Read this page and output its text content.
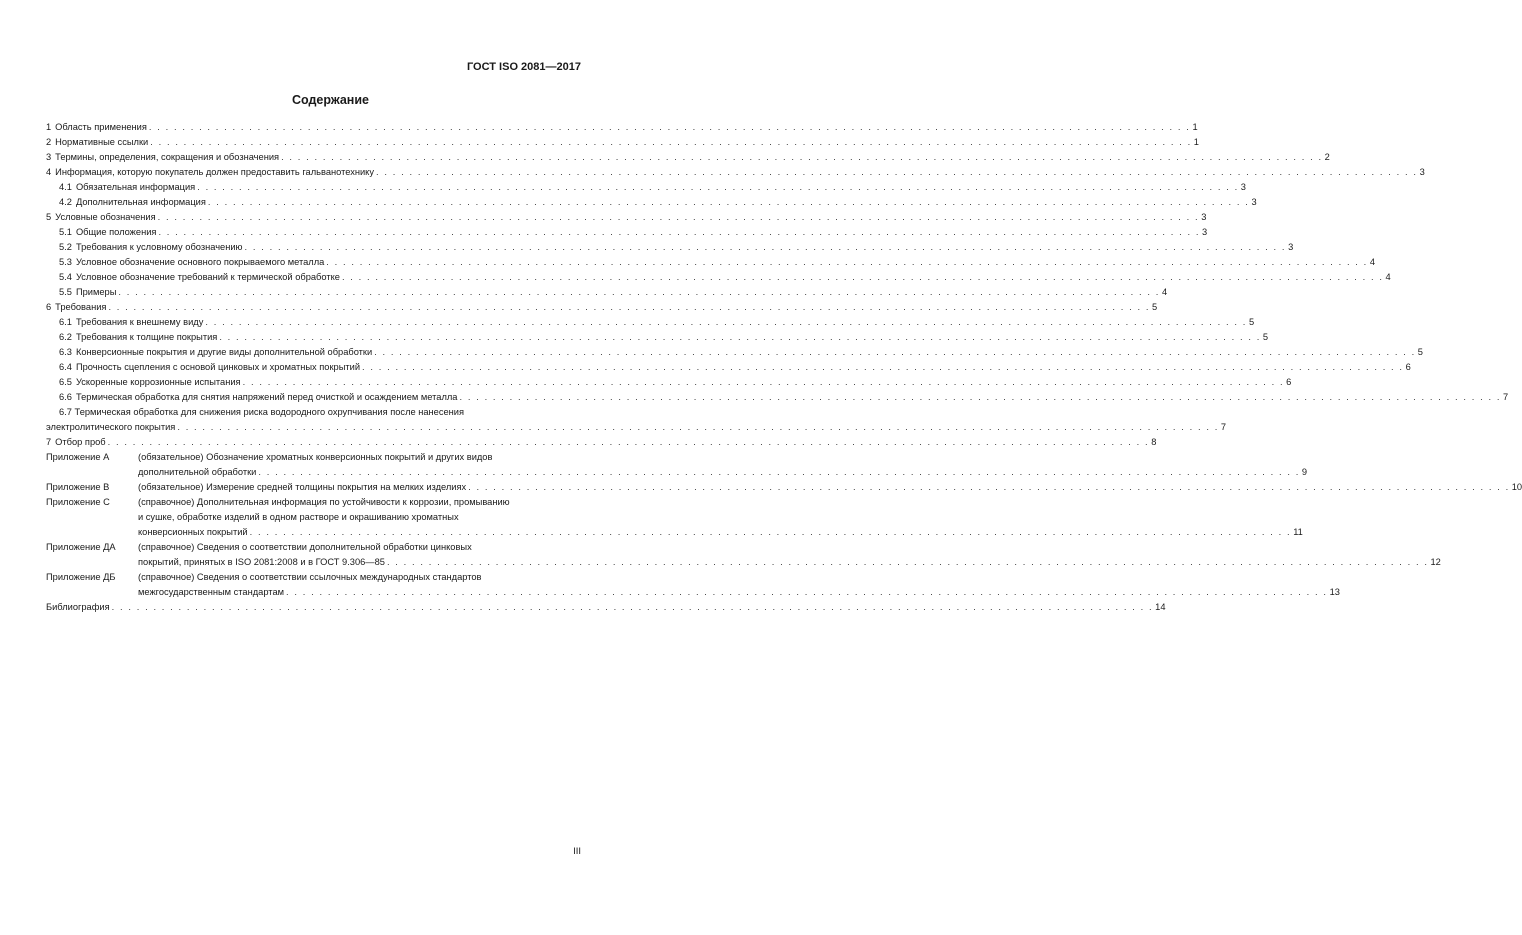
ГОСТ ISO 2081—2017
Содержание
1 Область применения . . .	1
2 Нормативные ссылки . . .	1
3 Термины, определения, сокращения и обозначения . . .	2
4 Информация, которую покупатель должен предоставить гальванотехнику . . .	3
4.1 Обязательная информация . . .	3
4.2 Дополнительная информация . . .	3
5 Условные обозначения . . .	3
5.1 Общие положения . . .	3
5.2 Требования к условному обозначению . . .	3
5.3 Условное обозначение основного покрываемого металла . . .	4
5.4 Условное обозначение требований к термической обработке . . .	4
5.5 Примеры . . .	4
6 Требования . . .	5
6.1 Требования к внешнему виду . . .	5
6.2 Требования к толщине покрытия . . .	5
6.3 Конверсионные покрытия и другие виды дополнительной обработки . . .	5
6.4 Прочность сцепления с основой цинковых и хроматных покрытий . . .	6
6.5 Ускоренные коррозионные испытания . . .	6
6.6 Термическая обработка для снятия напряжений перед очисткой и осаждением металла . . .	7
6.7 Термическая обработка для снижения риска водородного охрупчивания после нанесения
электролитического покрытия . . .	7
7 Отбор проб . . .	8
Приложение А	(обязательное) Обозначение хроматных конверсионных покрытий и других видов
дополнительной обработки . . .	9
Приложение В	(обязательное) Измерение средней толщины покрытия на мелких изделиях . . .	10
Приложение С	(справочное) Дополнительная информация по устойчивости к коррозии, промыванию
и сушке, обработке изделий в одном растворе и окрашиванию хроматных
конверсионных покрытий . . .	11
Приложение ДА	(справочное) Сведения о соответствии дополнительной обработки цинковых
покрытий, принятых в ISO 2081:2008 и в ГОСТ 9.306—85 . . .	12
Приложение ДБ	(справочное) Сведения о соответствии ссылочных международных стандартов
межгосударственным стандартам . . .	13
Библиография . . .	14
III
